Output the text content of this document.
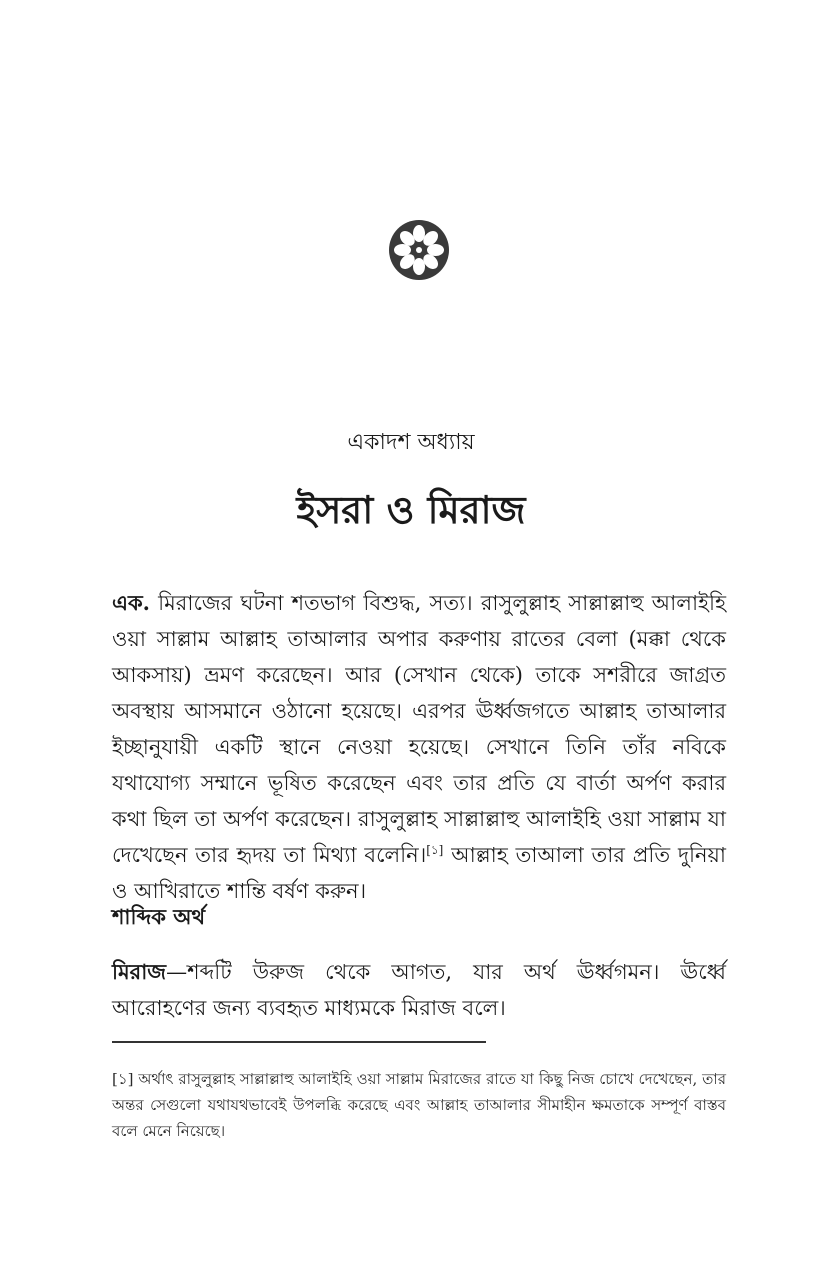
একাদশ অধ্যায়
ইসরা ও মিরাজ

এক. মিরাজের ঘটনা শতভাগ বিশুদ্ধ, সত্য। রাসুলুল্লাহ সাল্লাল্লাহু আলাইহি ওয়া সাল্লাম আল্লাহ তাআলার অপার করুণায় রাতের বেলা (মক্কা থেকে আকসায়) ভ্রমণ করেছেন। আর (সেখান থেকে) তাকে সশরীরে জাগ্রত অবস্থায় আসমানে ওঠানো হয়েছে। এরপর ঊর্ধ্বজগতে আল্লাহ তাআলার ইচ্ছানুযায়ী একটি স্থানে নেওয়া হয়েছে। সেখানে তিনি তাঁর নবিকে যথাযোগ্য সম্মানে ভূষিত করেছেন এবং তার প্রতি যে বার্তা অর্পণ করার কথা ছিল তা অর্পণ করেছেন। রাসুলুল্লাহ সাল্লাল্লাহু আলাইহি ওয়া সাল্লাম যা দেখেছেন তার হৃদয় তা মিথ্যা বলেনি।[১] আল্লাহ তাআলা তার প্রতি দুনিয়া ও আখিরাতে শান্তি বর্ষণ করুন।

শাব্দিক অর্থ

মিরাজ—শব্দটি উরুজ থেকে আগত, যার অর্থ ঊর্ধ্বগমন। ঊর্ধ্বে আরোহণের জন্য ব্যবহৃত মাধ্যমকে মিরাজ বলে।

[১] অর্থাৎ রাসুলুল্লাহ সাল্লাল্লাহু আলাইহি ওয়া সাল্লাম মিরাজের রাতে যা কিছু নিজ চোখে দেখেছেন, তার অন্তর সেগুলো যথাযথভাবেই উপলব্ধি করেছে এবং আল্লাহ তাআলার সীমাহীন ক্ষমতাকে সম্পূর্ণ বাস্তব বলে মেনে নিয়েছে।
